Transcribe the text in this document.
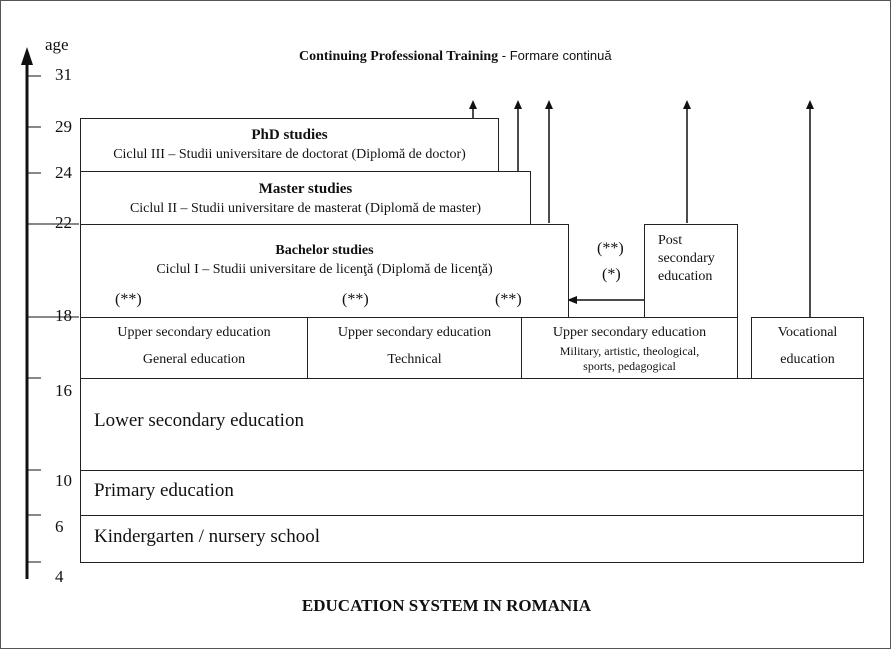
age
31
29
24
22
18
16
10
6
4
Continuing Professional Training - Formare continuă
PhD studies
Ciclul III – Studii universitare de doctorat (Diplomă de doctor)
Master studies
Ciclul II – Studii universitare de masterat (Diplomă de master)
Bachelor studies
Ciclul I – Studii universitare de licenţă (Diplomă de licenţă)
(**)	(**)	(**)
(**)
(*)
Post
secondary
education
Upper secondary education
General education
Upper secondary education
Technical
Upper secondary education
Military, artistic, theological,
sports, pedagogical
Vocational
education
Lower secondary education
Primary education
Kindergarten / nursery school
EDUCATION SYSTEM IN ROMANIA
